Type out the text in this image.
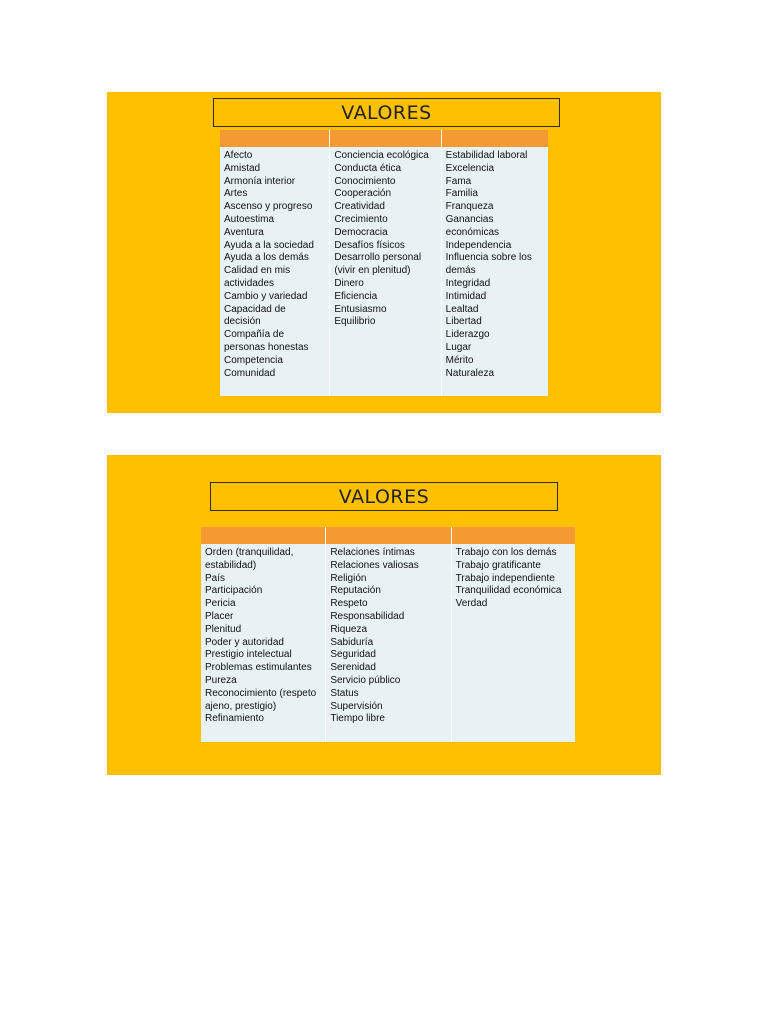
VALORES
Afecto
Amistad
Armonía interior
Artes
Ascenso y progreso
Autoestima
Aventura
Ayuda a la sociedad
Ayuda a los demás
Calidad en mis
actividades
Cambio y variedad
Capacidad de
decisión
Compañía de
personas honestas
Competencia
Comunidad
Conciencia ecológica
Conducta ética
Conocimiento
Cooperación
Creatividad
Crecimiento
Democracia
Desafíos físicos
Desarrollo personal
(vivir en plenitud)
Dinero
Eficiencia
Entusiasmo
Equilibrio
Estabilidad laboral
Excelencia
Fama
Familia
Franqueza
Ganancias
económicas
Independencia
Influencia sobre los
demás
Integridad
Intimidad
Lealtad
Libertad
Liderazgo
Lugar
Mérito
Naturaleza
VALORES
Orden (tranquilidad,
estabilidad)
País
Participación
Pericia
Placer
Plenitud
Poder y autoridad
Prestigio intelectual
Problemas estimulantes
Pureza
Reconocimiento (respeto
ajeno, prestigio)
Refinamiento
Relaciones íntimas
Relaciones valiosas
Religión
Reputación
Respeto
Responsabilidad
Riqueza
Sabiduría
Seguridad
Serenidad
Servicio público
Status
Supervisión
Tiempo libre
Trabajo con los demás
Trabajo gratificante
Trabajo independiente
Tranquilidad económica
Verdad
